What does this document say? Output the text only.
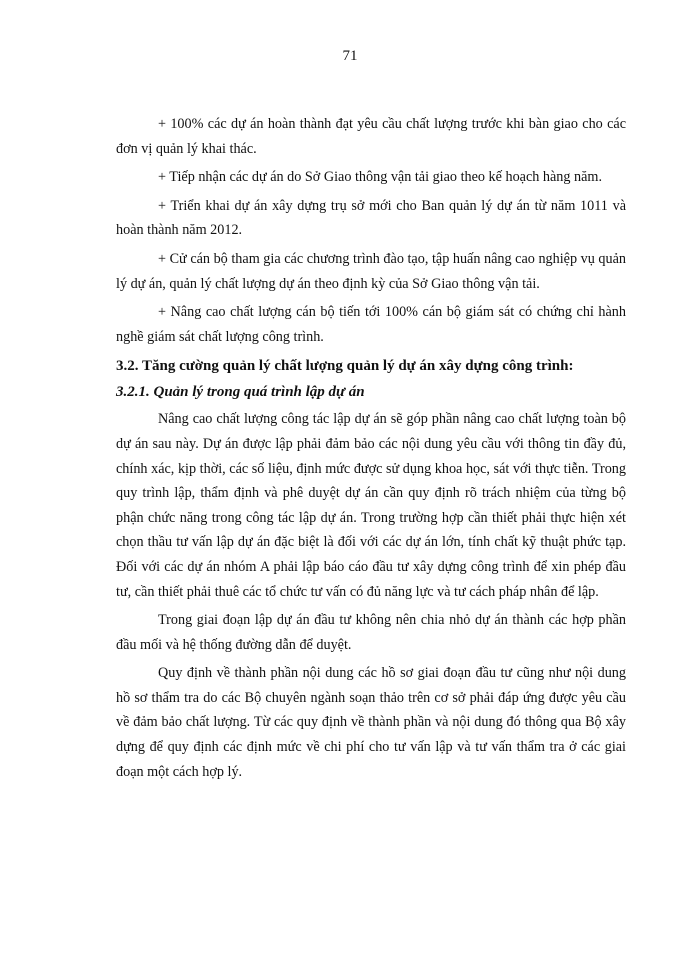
71

+ 100% các dự án hoàn thành đạt yêu cầu chất lượng trước khi bàn giao cho các đơn vị quản lý khai thác.

+ Tiếp nhận các dự án do Sở Giao thông vận tải giao theo kế hoạch hàng năm.

+ Triển khai dự án xây dựng trụ sở mới cho Ban quản lý dự án từ năm 1011 và hoàn thành năm 2012.

+ Cử cán bộ tham gia các chương trình đào tạo, tập huấn nâng cao nghiệp vụ quản lý dự án, quản lý chất lượng dự án theo định kỳ của Sở Giao thông vận tải.

+ Nâng cao chất lượng cán bộ tiến tới 100% cán bộ giám sát có chứng chỉ hành nghề giám sát chất lượng công trình.

3.2. Tăng cường quản lý chất lượng quản lý dự án xây dựng công trình:
3.2.1. Quản lý trong quá trình lập dự án

Nâng cao chất lượng công tác lập dự án sẽ góp phần nâng cao chất lượng toàn bộ dự án sau này. Dự án được lập phải đảm bảo các nội dung yêu cầu với thông tin đầy đủ, chính xác, kịp thời, các số liệu, định mức được sử dụng khoa học, sát với thực tiễn. Trong quy trình lập, thẩm định và phê duyệt dự án cần quy định rõ trách nhiệm của từng bộ phận chức năng trong công tác lập dự án. Trong trường hợp cần thiết phải thực hiện xét chọn thầu tư vấn lập dự án đặc biệt là đối với các dự án lớn, tính chất kỹ thuật phức tạp. Đối với các dự án nhóm A phải lập báo cáo đầu tư xây dựng công trình để xin phép đầu tư, cần thiết phải thuê các tổ chức tư vấn có đủ năng lực và tư cách pháp nhân để lập.

Trong giai đoạn lập dự án đầu tư không nên chia nhỏ dự án thành các hợp phần đầu mối và hệ thống đường dẫn để duyệt.

Quy định về thành phần nội dung các hồ sơ giai đoạn đầu tư cũng như nội dung hồ sơ thẩm tra do các Bộ chuyên ngành soạn thảo trên cơ sở phải đáp ứng được yêu cầu về đảm bảo chất lượng. Từ các quy định về thành phần và nội dung đó thông qua Bộ xây dựng để quy định các định mức về chi phí cho tư vấn lập và tư vấn thẩm tra ở các giai đoạn một cách hợp lý.
